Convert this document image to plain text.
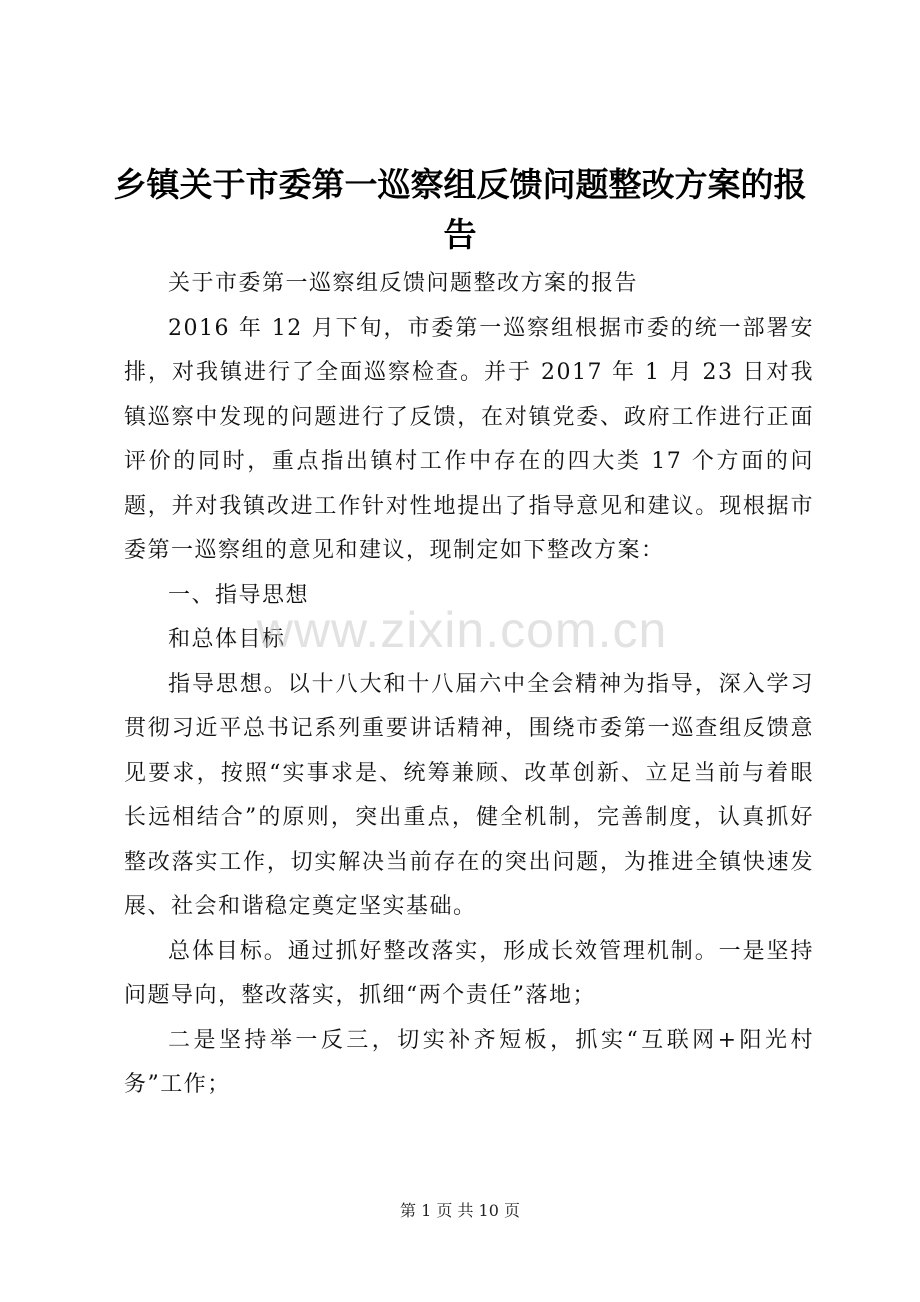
乡镇关于市委第一巡察组反馈问题整改方案的报告

关于市委第一巡察组反馈问题整改方案的报告

2016 年 12 月下旬，市委第一巡察组根据市委的统一部署安排，对我镇进行了全面巡察检查。并于 2017 年 1 月 23 日对我镇巡察中发现的问题进行了反馈，在对镇党委、政府工作进行正面评价的同时，重点指出镇村工作中存在的四大类 17 个方面的问题，并对我镇改进工作针对性地提出了指导意见和建议。现根据市委第一巡察组的意见和建议，现制定如下整改方案：

一、指导思想

和总体目标

指导思想。以十八大和十八届六中全会精神为指导，深入学习贯彻习近平总书记系列重要讲话精神，围绕市委第一巡查组反馈意见要求，按照“实事求是、统筹兼顾、改革创新、立足当前与着眼长远相结合”的原则，突出重点，健全机制，完善制度，认真抓好整改落实工作，切实解决当前存在的突出问题，为推进全镇快速发展、社会和谐稳定奠定坚实基础。

总体目标。通过抓好整改落实，形成长效管理机制。一是坚持问题导向，整改落实，抓细“两个责任”落地；

二是坚持举一反三，切实补齐短板，抓实“互联网+阳光村务”工作；

www.zixin.com.cn
第 1 页 共 10 页
